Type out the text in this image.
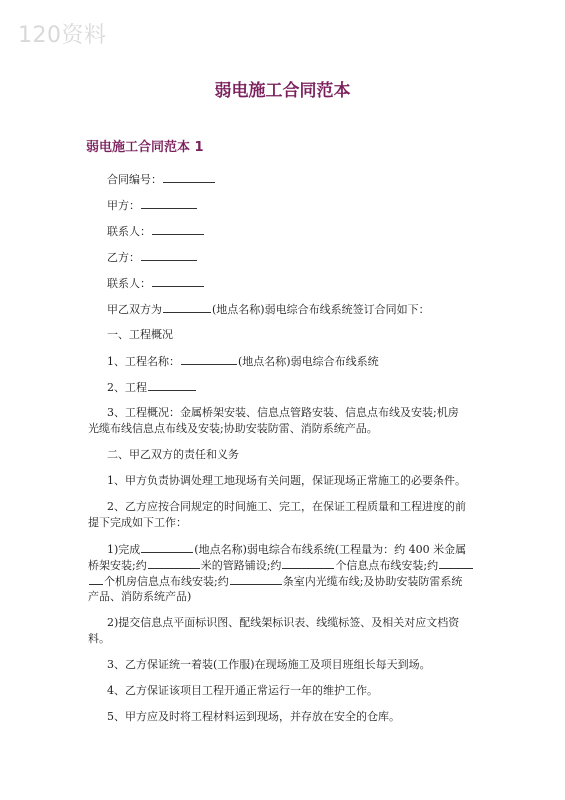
120资料
弱电施工合同范本
弱电施工合同范本 1
合同编号：
甲方：
联系人：
乙方：
联系人：
甲乙双方为	(地点名称)弱电综合布线系统签订合同如下：
一、工程概况
1、工程名称：	(地点名称)弱电综合布线系统
2、工程
3、工程概况：金属桥架安装、信息点管路安装、信息点布线及安装;机房
光缆布线信息点布线及安装;协助安装防雷、消防系统产品。
二、甲乙双方的责任和义务
1、甲方负责协调处理工地现场有关问题，保证现场正常施工的必要条件。
2、乙方应按合同规定的时间施工、完工，在保证工程质量和工程进度的前
提下完成如下工作：
1)完成	(地点名称)弱电综合布线系统(工程量为：约 400 米金属
桥架安装;约	米的管路铺设;约	个信息点布线安装;约
个机房信息点布线安装;约	条室内光缆布线;及协助安装防雷系统
产品、消防系统产品)
2)提交信息点平面标识图、配线架标识表、线缆标签、及相关对应文档资
料。
3、乙方保证统一着装(工作服)在现场施工及项目班组长每天到场。
4、乙方保证该项目工程开通正常运行一年的维护工作。
5、甲方应及时将工程材料运到现场，并存放在安全的仓库。
